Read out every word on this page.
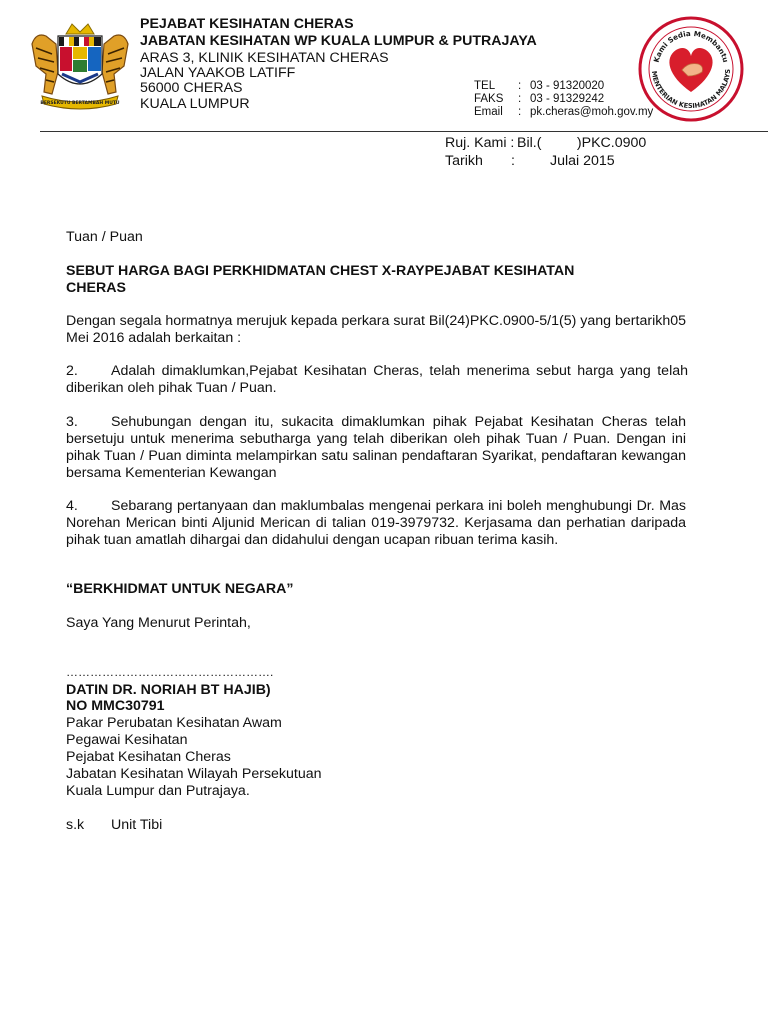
BERSEKUTU BERTAMBAH MUTU
PEJABAT KESIHATAN CHERAS
JABATAN KESIHATAN WP KUALA LUMPUR & PUTRAJAYA
ARAS 3, KLINIK KESIHATAN CHERAS
JALAN YAAKOB LATIFF
56000 CHERAS
KUALA LUMPUR
TEL : 03 - 91320020
FAKS : 03 - 91329242
Email : pk.cheras@moh.gov.my
Kami Sedia Membantu
MENTERIAN KESIHATAN MALAYS
Ruj. Kami : Bil.(         )PKC.0900
Tarikh : Julai 2015
Tuan / Puan
SEBUT HARGA BAGI PERKHIDMATAN CHEST X-RAYPEJABAT KESIHATAN
CHERAS

Dengan segala hormatnya merujuk kepada perkara surat Bil(24)PKC.0900-5/1(5) yang bertarikh05 Mei 2016 adalah berkaitan :

2. Adalah dimaklumkan,Pejabat Kesihatan Cheras, telah menerima sebut harga yang telah diberikan oleh pihak Tuan / Puan.

3. Sehubungan dengan itu, sukacita dimaklumkan pihak Pejabat Kesihatan Cheras telah bersetuju untuk menerima sebutharga yang telah diberikan oleh pihak Tuan / Puan. Dengan ini pihak Tuan / Puan diminta melampirkan satu salinan pendaftaran Syarikat, pendaftaran kewangan bersama Kementerian Kewangan

4. Sebarang pertanyaan dan maklumbalas mengenai perkara ini boleh menghubungi Dr. Mas Norehan Merican binti Aljunid Merican di talian 019-3979732. Kerjasama dan perhatian daripada pihak tuan amatlah dihargai dan didahului dengan ucapan ribuan terima kasih.

“BERKHIDMAT UNTUK NEGARA”
Saya Yang Menurut Perintah,
…………………………………………….
DATIN DR. NORIAH BT HAJIB)
NO MMC30791
Pakar Perubatan Kesihatan Awam
Pegawai Kesihatan
Pejabat Kesihatan Cheras
Jabatan Kesihatan Wilayah Persekutuan
Kuala Lumpur dan Putrajaya.
s.k Unit Tibi
